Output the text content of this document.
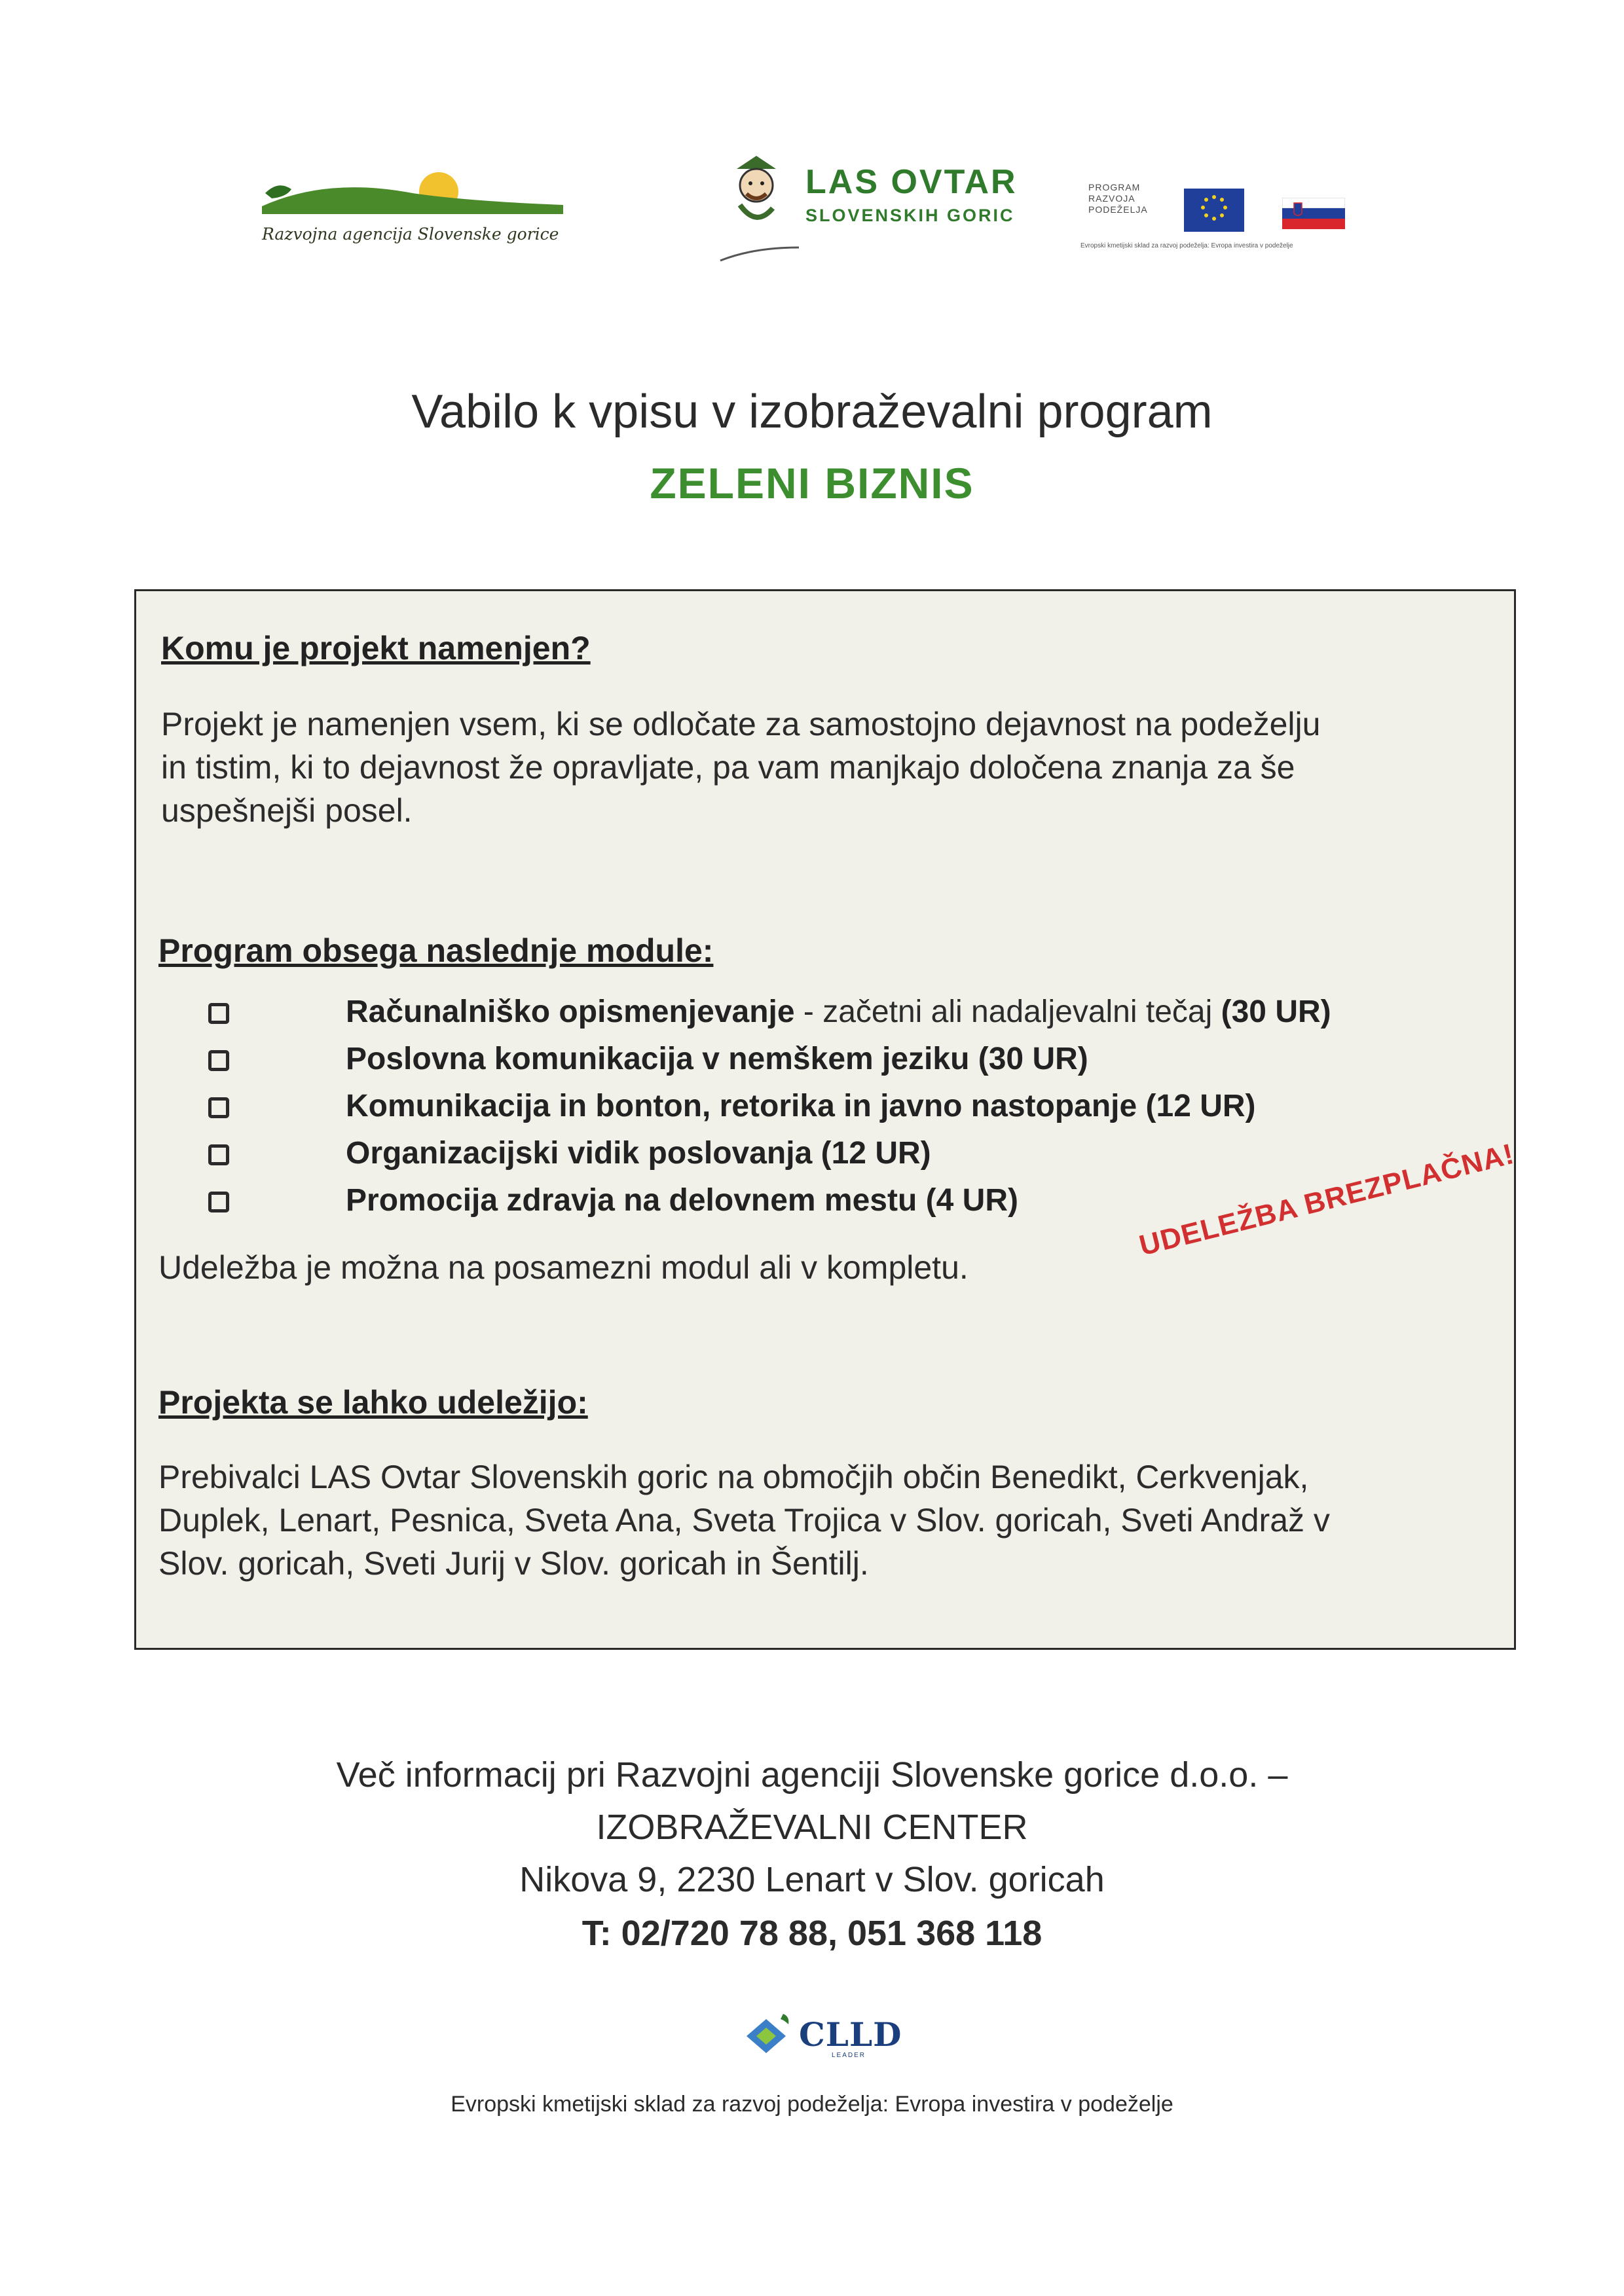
Razvojna agencija Slovenske gorice
LAS OVTAR
SLOVENSKIH GORIC
PROGRAM
RAZVOJA
PODEŽELJA
Evropski kmetijski sklad za razvoj podeželja: Evropa investira v podeželje
Vabilo k vpisu v izobraževalni program
ZELENI BIZNIS
Komu je projekt namenjen?
Projekt je namenjen vsem, ki se odločate za samostojno dejavnost na podeželju
in tistim, ki to dejavnost že opravljate, pa vam manjkajo določena znanja za še
uspešnejši posel.
Program obsega naslednje module:
Računalniško opismenjevanje - začetni ali nadaljevalni tečaj (30 UR)
Poslovna komunikacija v nemškem jeziku (30 UR)
Komunikacija in bonton, retorika in javno nastopanje (12 UR)
Organizacijski vidik poslovanja (12 UR)
Promocija zdravja na delovnem mestu (4 UR)
Udeležba je možna na posamezni modul ali v kompletu.
Projekta se lahko udeležijo:
Prebivalci LAS Ovtar Slovenskih goric na območjih občin Benedikt, Cerkvenjak,
Duplek, Lenart, Pesnica, Sveta Ana, Sveta Trojica v Slov. goricah, Sveti Andraž v
Slov. goricah, Sveti Jurij v Slov. goricah in Šentilj.
UDELEŽBA BREZPLAČNA!
Več informacij pri Razvojni agenciji Slovenske gorice d.o.o. –
IZOBRAŽEVALNI CENTER
Nikova 9, 2230 Lenart v Slov. goricah
T: 02/720 78 88, 051 368 118
CLLD
LEADER
Evropski kmetijski sklad za razvoj podeželja: Evropa investira v podeželje
